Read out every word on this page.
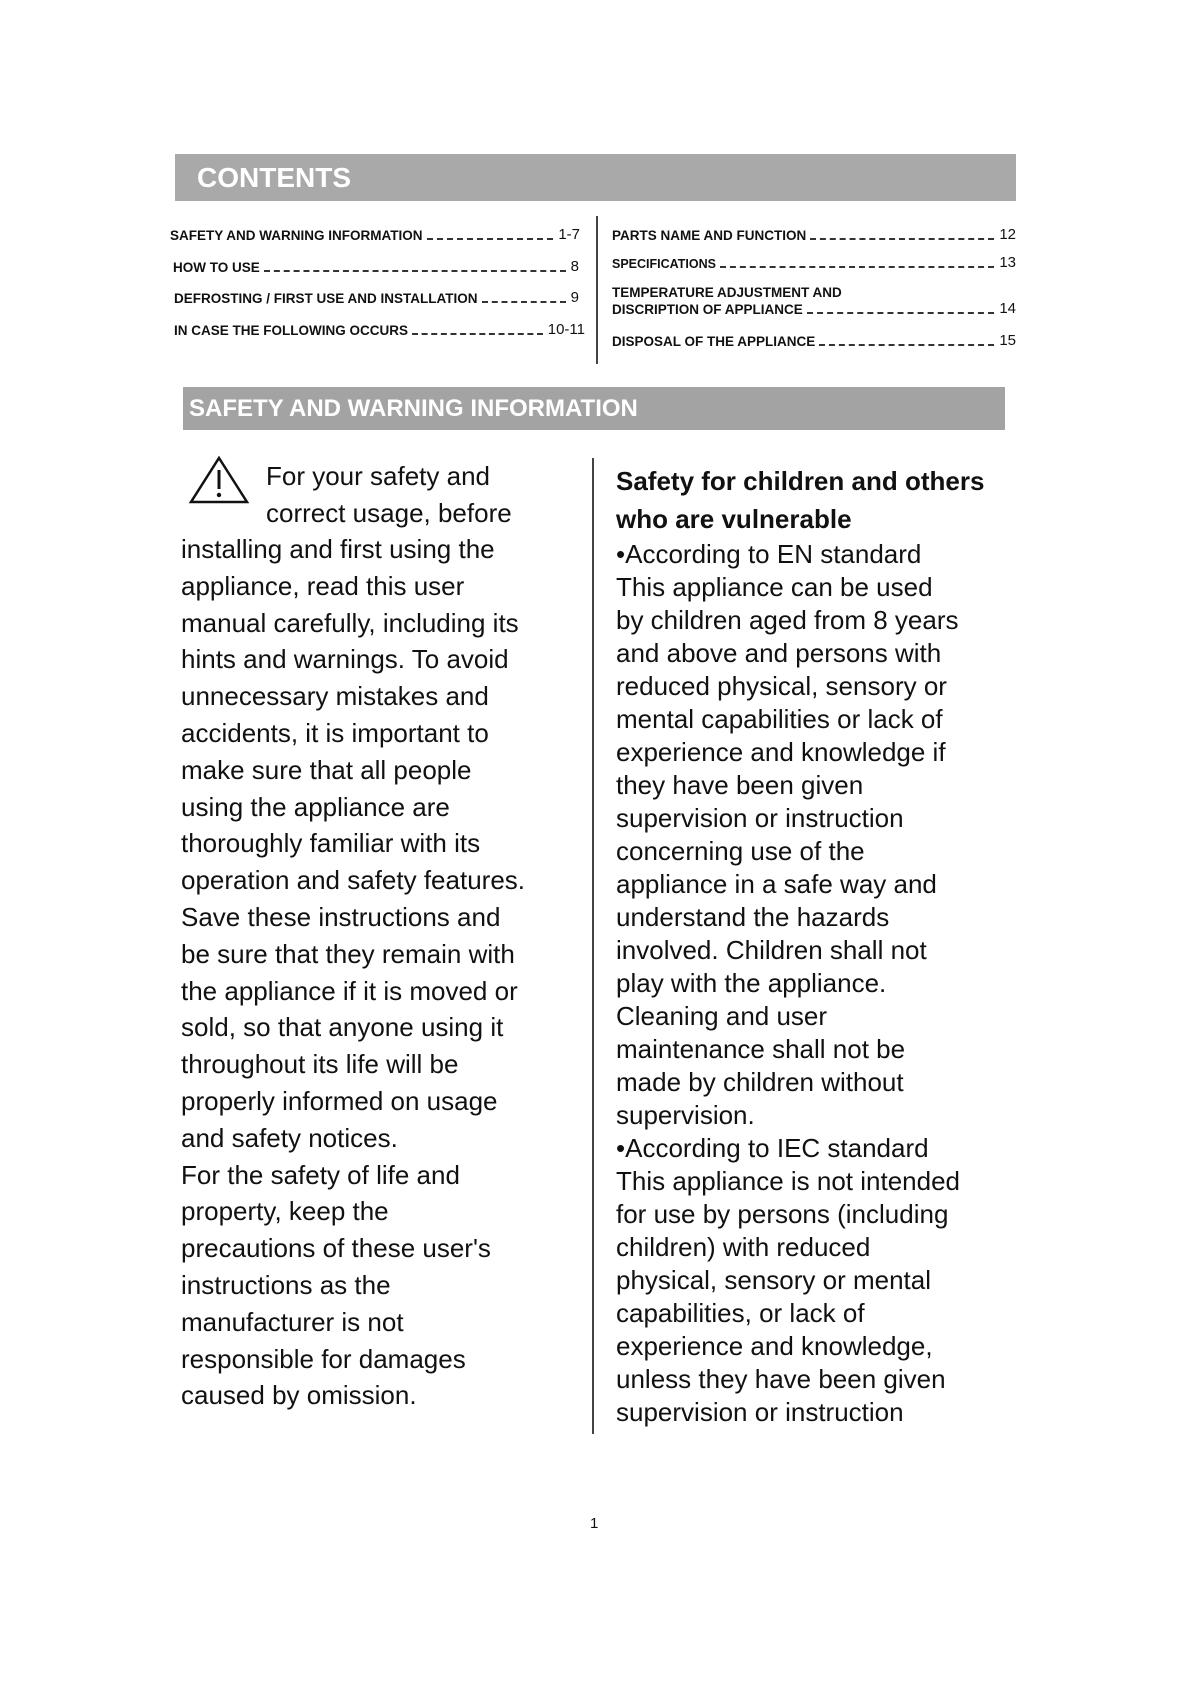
CONTENTS
SAFETY AND WARNING INFORMATION	1-7
HOW TO USE	8
DEFROSTING / FIRST USE AND INSTALLATION	9
IN CASE THE FOLLOWING OCCURS	10-11
PARTS NAME AND FUNCTION	12
SPECIFICATIONS	13
TEMPERATURE ADJUSTMENT AND
DISCRIPTION OF APPLIANCE	14
DISPOSAL OF THE APPLIANCE	15
SAFETY AND WARNING INFORMATION
For your safety and
correct usage, before
installing and first using the
appliance, read this user
manual carefully, including its
hints and warnings. To avoid
unnecessary mistakes and
accidents, it is important to
make sure that all people
using the appliance are
thoroughly familiar with its
operation and safety features.
Save these instructions and
be sure that they remain with
the appliance if it is moved or
sold, so that anyone using it
throughout its life will be
properly informed on usage
and safety notices.
For the safety of life and
property, keep the
precautions of these user's
instructions as the
manufacturer is not
responsible for damages
caused by omission.
Safety for children and others
who are vulnerable
•According to EN standard
This appliance can be used
by children aged from 8 years
and above and persons with
reduced physical, sensory or
mental capabilities or lack of
experience and knowledge if
they have been given
supervision or instruction
concerning use of the
appliance in a safe way and
understand the hazards
involved. Children shall not
play with the appliance.
Cleaning and user
maintenance shall not be
made by children without
supervision.
•According to IEC standard
This appliance is not intended
for use by persons (including
children) with reduced
physical, sensory or mental
capabilities, or lack of
experience and knowledge,
unless they have been given
supervision or instruction
1
